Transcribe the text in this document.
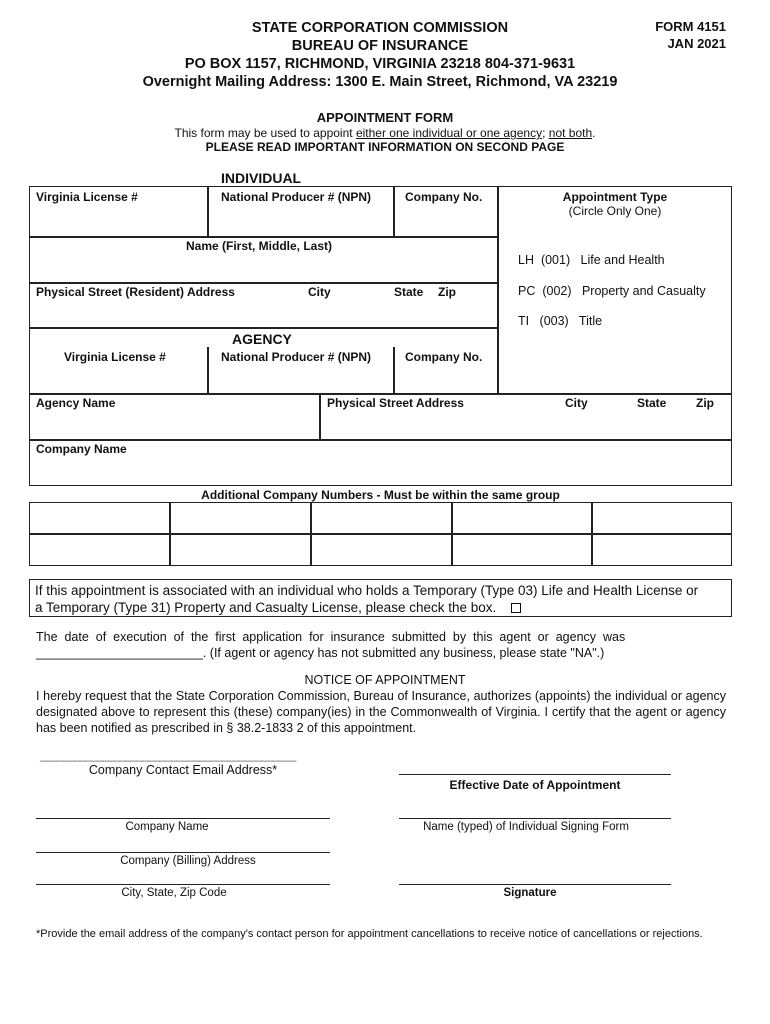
STATE CORPORATION COMMISSION
BUREAU OF INSURANCE
PO BOX 1157, RICHMOND, VIRGINIA 23218 804-371-9631
Overnight Mailing Address: 1300 E. Main Street, Richmond, VA 23219
FORM 4151
JAN 2021
APPOINTMENT FORM
This form may be used to appoint either one individual or one agency; not both.
PLEASE READ IMPORTANT INFORMATION ON SECOND PAGE
INDIVIDUAL
Virginia License #	National Producer # (NPN)	Company No.
Name (First, Middle, Last)
Physical Street (Resident) Address	City	State Zip
Appointment Type
(Circle Only One)
LH (001) Life and Health
PC (002) Property and Casualty
TI (003) Title
AGENCY
Virginia License #	National Producer # (NPN)	Company No.
Agency Name	Physical Street Address	City	State Zip
Company Name
Additional Company Numbers - Must be within the same group
If this appointment is associated with an individual who holds a Temporary (Type 03) Life and Health License or
a Temporary (Type 31) Property and Casualty License, please check the box.
The  date  of  execution  of  the  first  application  for  insurance  submitted  by  this  agent  or  agency  was
________________________. (If agent or agency has not submitted any business, please state "NA".)
NOTICE OF APPOINTMENT
I hereby request that the State Corporation Commission, Bureau of Insurance, authorizes (appoints) the individual or agency designated above to represent this (these) company(ies) in the Commonwealth of Virginia. I certify that the agent or agency has been notified as prescribed in § 38.2-1833 2 of this appointment.
_____________________________________________
Company Contact Email Address*
Effective Date of Appointment
Company Name	Name (typed) of Individual Signing Form
Company (Billing) Address
City, State, Zip Code	Signature
*Provide the email address of the company's contact person for appointment cancellations to receive notice of cancellations or rejections.
